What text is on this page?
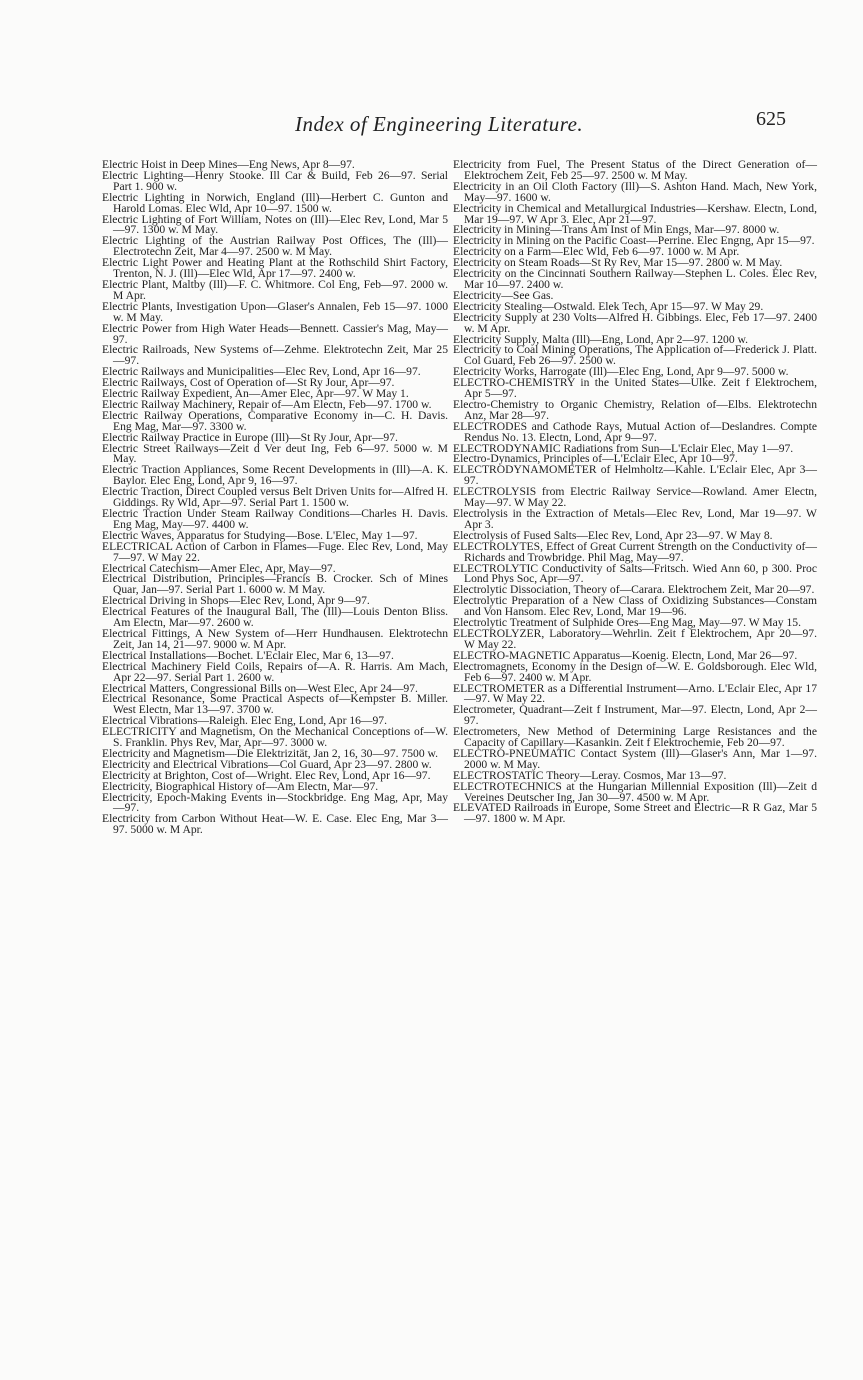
Index of Engineering Literature.	625
Electric Hoist in Deep Mines—Eng News, Apr 8—97.
Electric Lighting—Henry Stooke. Ill Car & Build, Feb 26—97. Serial Part 1. 900 w.
Electric Lighting in Norwich, England (Ill)—Herbert C. Gunton and Harold Lomas. Elec Wld, Apr 10—97. 1500 w.
Electric Lighting of Fort William, Notes on (Ill)—Elec Rev, Lond, Mar 5—97. 1300 w. M May.
Electric Lighting of the Austrian Railway Post Offices, The (Ill)—Electrotechn Zeit, Mar 4—97. 2500 w. M May.
Electric Light Power and Heating Plant at the Rothschild Shirt Factory, Trenton, N. J. (Ill)—Elec Wld, Apr 17—97. 2400 w.
Electric Plant, Maltby (Ill)—F. C. Whitmore. Col Eng, Feb—97. 2000 w. M Apr.
Electric Plants, Investigation Upon—Glaser's Annalen, Feb 15—97. 1000 w. M May.
Electric Power from High Water Heads—Bennett. Cassier's Mag, May—97.
Electric Railroads, New Systems of—Zehme. Elektrotechn Zeit, Mar 25—97.
Electric Railways and Municipalities—Elec Rev, Lond, Apr 16—97.
Electric Railways, Cost of Operation of—St Ry Jour, Apr—97.
Electric Railway Expedient, An—Amer Elec, Apr—97. W May 1.
Electric Railway Machinery, Repair of—Am Electn, Feb—97. 1700 w.
Electric Railway Operations, Comparative Economy in—C. H. Davis. Eng Mag, Mar—97. 3300 w.
Electric Railway Practice in Europe (Ill)—St Ry Jour, Apr—97.
Electric Street Railways—Zeit d Ver deut Ing, Feb 6—97. 5000 w. M May.
Electric Traction Appliances, Some Recent Developments in (Ill)—A. K. Baylor. Elec Eng, Lond, Apr 9, 16—97.
Electric Traction, Direct Coupled versus Belt Driven Units for—Alfred H. Giddings. Ry Wld, Apr—97. Serial Part 1. 1500 w.
Electric Traction Under Steam Railway Conditions—Charles H. Davis. Eng Mag, May—97. 4400 w.
Electric Waves, Apparatus for Studying—Bose. L'Elec, May 1—97.
ELECTRICAL Action of Carbon in Flames—Fuge. Elec Rev, Lond, May 7—97. W May 22.
Electrical Catechism—Amer Elec, Apr, May—97.
Electrical Distribution, Principles—Francis B. Crocker. Sch of Mines Quar, Jan—97. Serial Part 1. 6000 w. M May.
Electrical Driving in Shops—Elec Rev, Lond, Apr 9—97.
Electrical Features of the Inaugural Ball, The (Ill)—Louis Denton Bliss. Am Electn, Mar—97. 2600 w.
Electrical Fittings, A New System of—Herr Hundhausen. Elektrotechn Zeit, Jan 14, 21—97. 9000 w. M Apr.
Electrical Installations—Bochet. L'Eclair Elec, Mar 6, 13—97.
Electrical Machinery Field Coils, Repairs of—A. R. Harris. Am Mach, Apr 22—97. Serial Part 1. 2600 w.
Electrical Matters, Congressional Bills on—West Elec, Apr 24—97.
Electrical Resonance, Some Practical Aspects of—Kempster B. Miller. West Electn, Mar 13—97. 3700 w.
Electrical Vibrations—Raleigh. Elec Eng, Lond, Apr 16—97.
ELECTRICITY and Magnetism, On the Mechanical Conceptions of—W. S. Franklin. Phys Rev, Mar, Apr—97. 3000 w.
Electricity and Magnetism—Die Elektrizität, Jan 2, 16, 30—97. 7500 w.
Electricity and Electrical Vibrations—Col Guard, Apr 23—97. 2800 w.
Electricity at Brighton, Cost of—Wright. Elec Rev, Lond, Apr 16—97.
Electricity, Biographical History of—Am Electn, Mar—97.
Electricity, Epoch-Making Events in—Stockbridge. Eng Mag, Apr, May—97.
Electricity from Carbon Without Heat—W. E. Case. Elec Eng, Mar 3—97. 5000 w. M Apr.
Electricity from Fuel, The Present Status of the Direct Generation of—Elektrochem Zeit, Feb 25—97. 2500 w. M May.
Electricity in an Oil Cloth Factory (Ill)—S. Ashton Hand. Mach, New York, May—97. 1600 w.
Electricity in Chemical and Metallurgical Industries—Kershaw. Electn, Lond, Mar 19—97. W Apr 3. Elec, Apr 21—97.
Electricity in Mining—Trans Am Inst of Min Engs, Mar—97. 8000 w.
Electricity in Mining on the Pacific Coast—Perrine. Elec Engng, Apr 15—97.
Electricity on a Farm—Elec Wld, Feb 6—97. 1000 w. M Apr.
Electricity on Steam Roads—St Ry Rev, Mar 15—97. 2800 w. M May.
Electricity on the Cincinnati Southern Railway—Stephen L. Coles. Elec Rev, Mar 10—97. 2400 w.
Electricity—See Gas.
Electricity Stealing—Ostwald. Elek Tech, Apr 15—97. W May 29.
Electricity Supply at 230 Volts—Alfred H. Gibbings. Elec, Feb 17—97. 2400 w. M Apr.
Electricity Supply, Malta (Ill)—Eng, Lond, Apr 2—97. 1200 w.
Electricity to Coal Mining Operations, The Application of—Frederick J. Platt. Col Guard, Feb 26—97. 2500 w.
Electricity Works, Harrogate (Ill)—Elec Eng, Lond, Apr 9—97. 5000 w.
ELECTRO-CHEMISTRY in the United States—Ulke. Zeit f Elektrochem, Apr 5—97.
Electro-Chemistry to Organic Chemistry, Relation of—Elbs. Elektrotechn Anz, Mar 28—97.
ELECTRODES and Cathode Rays, Mutual Action of—Deslandres. Compte Rendus No. 13. Electn, Lond, Apr 9—97.
ELECTRODYNAMIC Radiations from Sun—L'Eclair Elec, May 1—97.
Electro-Dynamics, Principles of—L'Eclair Elec, Apr 10—97.
ELECTRODYNAMOMETER of Helmholtz—Kahle. L'Eclair Elec, Apr 3—97.
ELECTROLYSIS from Electric Railway Service—Rowland. Amer Electn, May—97. W May 22.
Electrolysis in the Extraction of Metals—Elec Rev, Lond, Mar 19—97. W Apr 3.
Electrolysis of Fused Salts—Elec Rev, Lond, Apr 23—97. W May 8.
ELECTROLYTES, Effect of Great Current Strength on the Conductivity of—Richards and Trowbridge. Phil Mag, May—97.
ELECTROLYTIC Conductivity of Salts—Fritsch. Wied Ann 60, p 300. Proc Lond Phys Soc, Apr—97.
Electrolytic Dissociation, Theory of—Carara. Elektrochem Zeit, Mar 20—97.
Electrolytic Preparation of a New Class of Oxidizing Substances—Constam and Von Hansom. Elec Rev, Lond, Mar 19—96.
Electrolytic Treatment of Sulphide Ores—Eng Mag, May—97. W May 15.
ELECTROLYZER, Laboratory—Wehrlin. Zeit f Elektrochem, Apr 20—97. W May 22.
ELECTRO-MAGNETIC Apparatus—Koenig. Electn, Lond, Mar 26—97.
Electromagnets, Economy in the Design of—W. E. Goldsborough. Elec Wld, Feb 6—97. 2400 w. M Apr.
ELECTROMETER as a Differential Instrument—Arno. L'Eclair Elec, Apr 17—97. W May 22.
Electrometer, Quadrant—Zeit f Instrument, Mar—97. Electn, Lond, Apr 2—97.
Electrometers, New Method of Determining Large Resistances and the Capacity of Capillary—Kasankin. Zeit f Elektrochemie, Feb 20—97.
ELECTRO-PNEUMATIC Contact System (Ill)—Glaser's Ann, Mar 1—97. 2000 w. M May.
ELECTROSTATIC Theory—Leray. Cosmos, Mar 13—97.
ELECTROTECHNICS at the Hungarian Millennial Exposition (Ill)—Zeit d Vereines Deutscher Ing, Jan 30—97. 4500 w. M Apr.
ELEVATED Railroads in Europe, Some Street and Electric—R R Gaz, Mar 5—97. 1800 w. M Apr.
